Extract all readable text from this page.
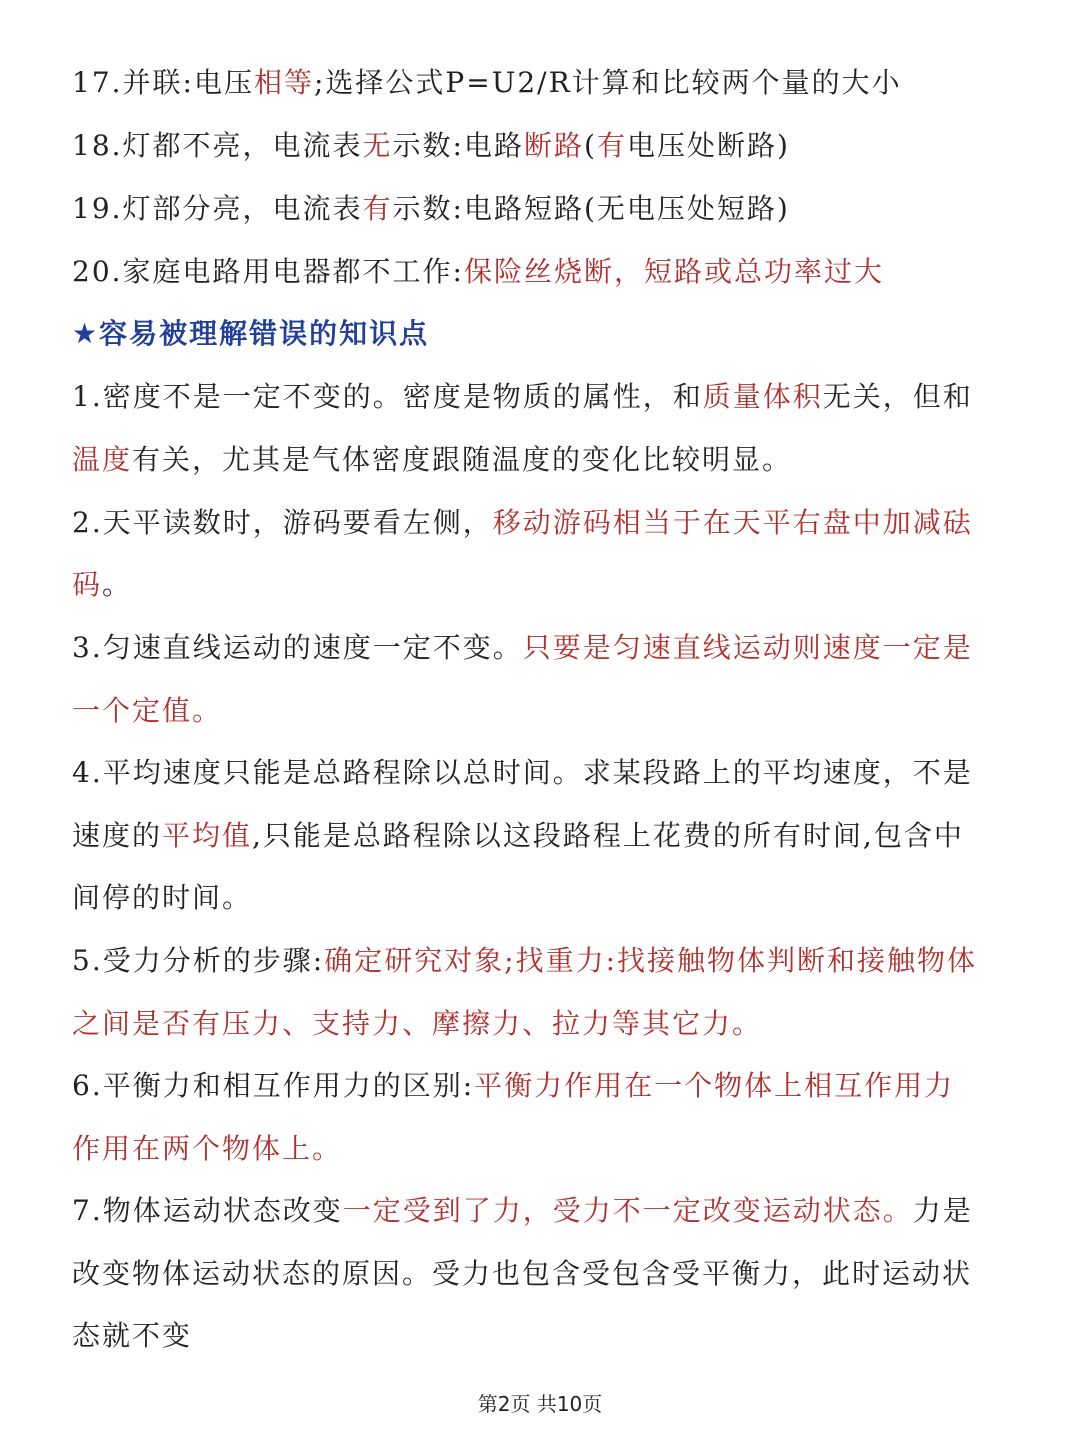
17.并联:电压相等;选择公式P=U2/R计算和比较两个量的大小
18.灯都不亮，电流表无示数:电路断路(有电压处断路)
19.灯部分亮，电流表有示数:电路短路(无电压处短路)
20.家庭电路用电器都不工作:保险丝烧断，短路或总功率过大
★容易被理解错误的知识点
1.密度不是一定不变的。密度是物质的属性，和质量体积无关，但和
温度有关，尤其是气体密度跟随温度的变化比较明显。
2.天平读数时，游码要看左侧，移动游码相当于在天平右盘中加减砝
码。
3.匀速直线运动的速度一定不变。只要是匀速直线运动则速度一定是
一个定值。
4.平均速度只能是总路程除以总时间。求某段路上的平均速度，不是
速度的平均值,只能是总路程除以这段路程上花费的所有时间,包含中
间停的时间。
5.受力分析的步骤:确定研究对象;找重力:找接触物体判断和接触物体
之间是否有压力、支持力、摩擦力、拉力等其它力。
6.平衡力和相互作用力的区别:平衡力作用在一个物体上相互作用力
作用在两个物体上。
7.物体运动状态改变一定受到了力，受力不一定改变运动状态。力是
改变物体运动状态的原因。受力也包含受包含受平衡力，此时运动状
态就不变
第2页 共10页
